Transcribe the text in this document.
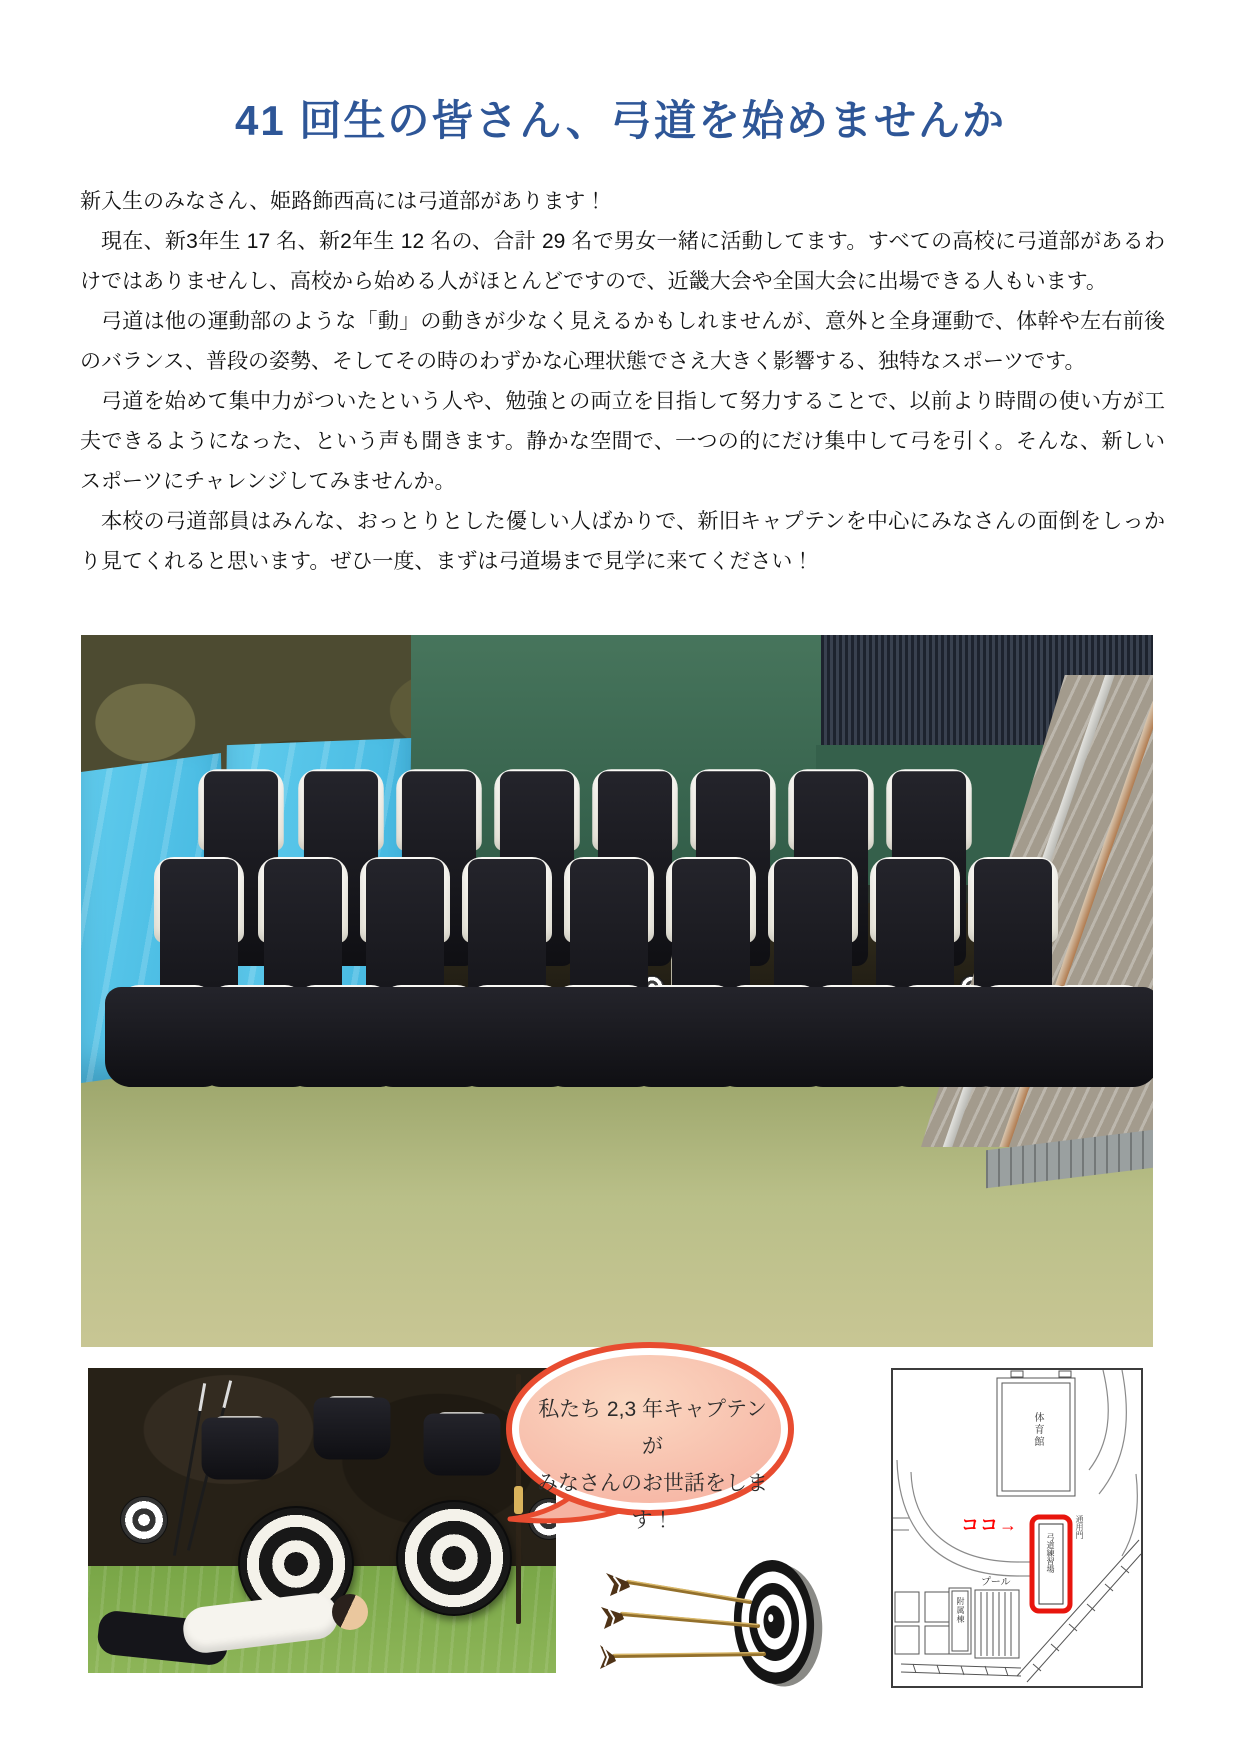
41 回生の皆さん、弓道を始めませんか

新入生のみなさん、姫路飾西高には弓道部があります！

現在、新3年生 17 名、新2年生 12 名の、合計 29 名で男女一緒に活動してます。すべての高校に弓道部があるわけではありませんし、高校から始める人がほとんどですので、近畿大会や全国大会に出場できる人もいます。

弓道は他の運動部のような「動」の動きが少なく見えるかもしれませんが、意外と全身運動で、体幹や左右前後のバランス、普段の姿勢、そしてその時のわずかな心理状態でさえ大きく影響する、独特なスポーツです。

弓道を始めて集中力がついたという人や、勉強との両立を目指して努力することで、以前より時間の使い方が工夫できるようになった、という声も聞きます。静かな空間で、一つの的にだけ集中して弓を引く。そんな、新しいスポーツにチャレンジしてみませんか。

本校の弓道部員はみんな、おっとりとした優しい人ばかりで、新旧キャプテンを中心にみなさんの面倒をしっかり見てくれると思います。ぜひ一度、まずは弓道場まで見学に来てください！

私たち 2,3 年キャプテンが
みなさんのお世話をします！
体育館
附属棟
プール
弓道練習場
通用門
ココ→
